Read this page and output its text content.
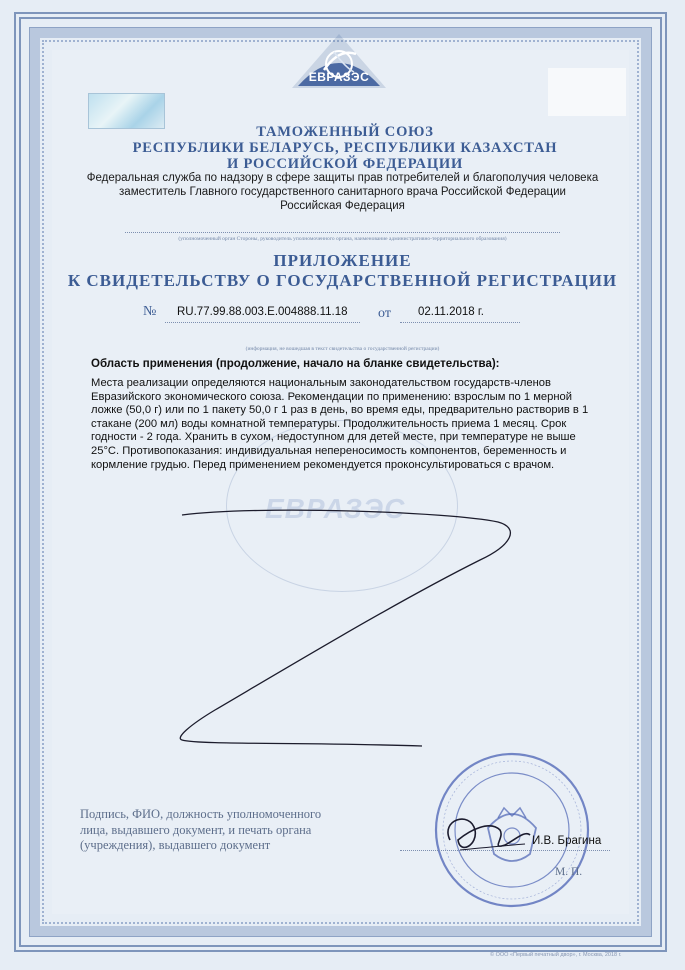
ЕВРАЗЭС
ТАМОЖЕННЫЙ СОЮЗ
РЕСПУБЛИКИ БЕЛАРУСЬ, РЕСПУБЛИКИ КАЗАХСТАН
И РОССИЙСКОЙ ФЕДЕРАЦИИ
Федеральная служба по надзору в сфере защиты прав потребителей и благополучия человека
заместитель Главного государственного санитарного врача Российской Федерации
Российская Федерация
(уполномоченный орган Стороны, руководитель уполномоченного органа, наименование административно-территориального образования)
ПРИЛОЖЕНИЕ
К СВИДЕТЕЛЬСТВУ О ГОСУДАРСТВЕННОЙ РЕГИСТРАЦИИ
№ RU.77.99.88.003.E.004888.11.18 от 02.11.2018 г.
(информация, не вошедшая в текст свидетельства о государственной регистрации)
ЕВРАЗЭС
Область применения (продолжение, начало на бланке свидетельства):
Места реализации определяются национальным законодательством государств-членов
Евразийского экономического союза. Рекомендации по применению: взрослым по 1 мерной
ложке (50,0 г) или по 1 пакету 50,0 г 1 раз в день, во время еды, предварительно растворив в 1
стакане (200 мл) воды комнатной температуры. Продолжительность приема 1 месяц. Срок
годности - 2 года. Хранить в сухом, недоступном для детей месте, при температуре не выше
25°С. Противопоказания: индивидуальная непереносимость компонентов, беременность и
кормление грудью. Перед применением рекомендуется проконсультироваться с врачом.
Подпись, ФИО, должность уполномоченного
лица, выдавшего документ, и печать органа
(учреждения), выдавшего документ	И.В. Брагина
М. П.
© ООО «Первый печатный двор», г. Москва, 2018 г.
